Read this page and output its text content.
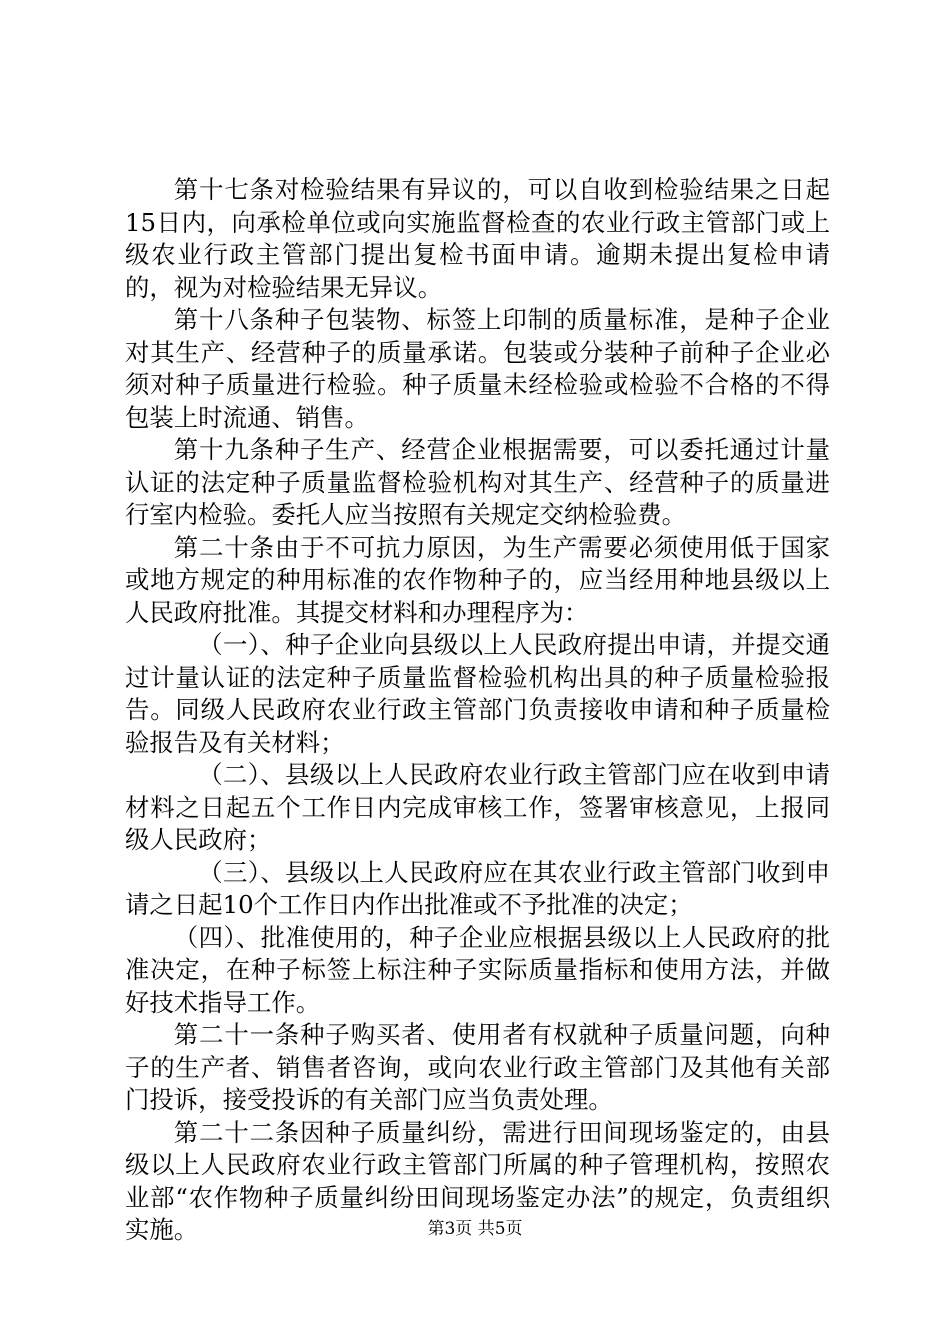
第十七条对检验结果有异议的，可以自收到检验结果之日起15日内，向承检单位或向实施监督检查的农业行政主管部门或上级农业行政主管部门提出复检书面申请。逾期未提出复检申请的，视为对检验结果无异议。

第十八条种子包装物、标签上印制的质量标准，是种子企业对其生产、经营种子的质量承诺。包装或分装种子前种子企业必须对种子质量进行检验。种子质量未经检验或检验不合格的不得包装上时流通、销售。

第十九条种子生产、经营企业根据需要，可以委托通过计量认证的法定种子质量监督检验机构对其生产、经营种子的质量进行室内检验。委托人应当按照有关规定交纳检验费。

第二十条由于不可抗力原因，为生产需要必须使用低于国家或地方规定的种用标准的农作物种子的，应当经用种地县级以上人民政府批准。其提交材料和办理程序为：

（一）、种子企业向县级以上人民政府提出申请，并提交通过计量认证的法定种子质量监督检验机构出具的种子质量检验报告。同级人民政府农业行政主管部门负责接收申请和种子质量检验报告及有关材料；

（二）、县级以上人民政府农业行政主管部门应在收到申请材料之日起五个工作日内完成审核工作，签署审核意见，上报同级人民政府；

（三）、县级以上人民政府应在其农业行政主管部门收到申请之日起10个工作日内作出批准或不予批准的决定；

（四）、批准使用的，种子企业应根据县级以上人民政府的批准决定，在种子标签上标注种子实际质量指标和使用方法，并做好技术指导工作。

第二十一条种子购买者、使用者有权就种子质量问题，向种子的生产者、销售者咨询，或向农业行政主管部门及其他有关部门投诉，接受投诉的有关部门应当负责处理。

第二十二条因种子质量纠纷，需进行田间现场鉴定的，由县级以上人民政府农业行政主管部门所属的种子管理机构，按照农业部“农作物种子质量纠纷田间现场鉴定办法”的规定，负责组织实施。	第3页 共5页
